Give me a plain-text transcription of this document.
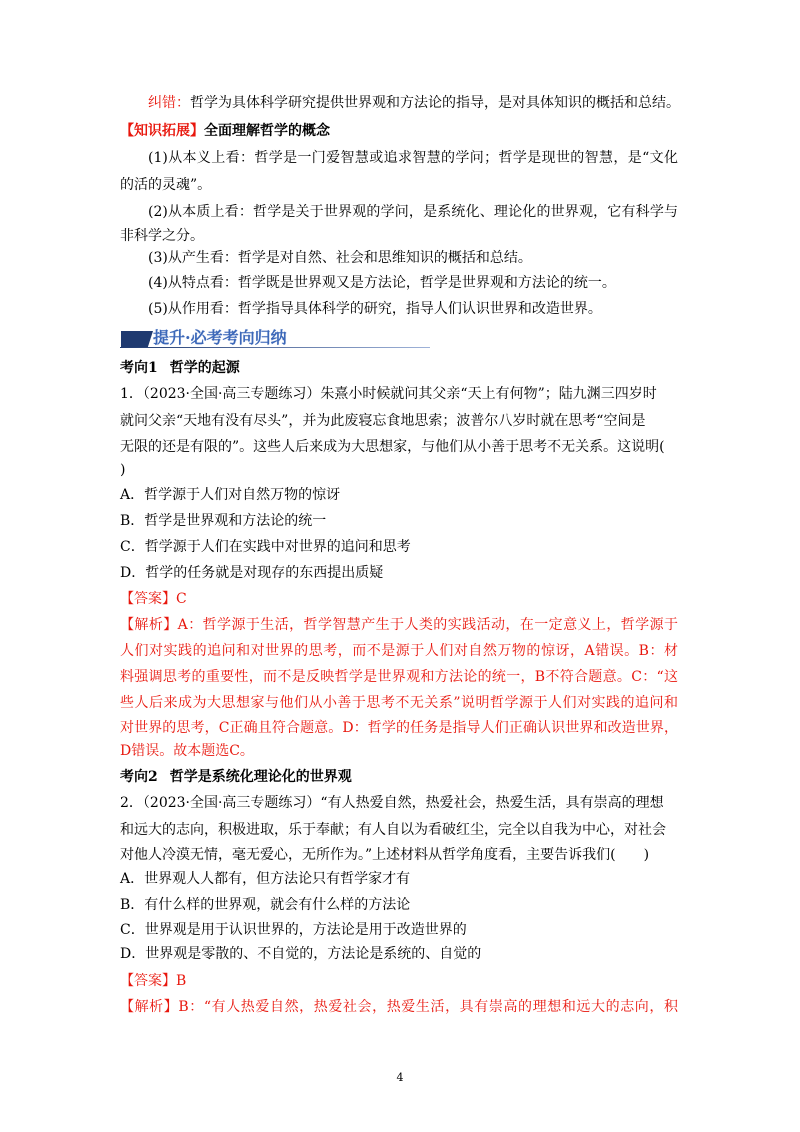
纠错：哲学为具体科学研究提供世界观和方法论的指导，是对具体知识的概括和总结。
【知识拓展】全面理解哲学的概念
(1)从本义上看：哲学是一门爱智慧或追求智慧的学问；哲学是现世的智慧，是“文化
的活的灵魂”。
(2)从本质上看：哲学是关于世界观的学问，是系统化、理论化的世界观，它有科学与
非科学之分。
(3)从产生看：哲学是对自然、社会和思维知识的概括和总结。
(4)从特点看：哲学既是世界观又是方法论，哲学是世界观和方法论的统一。
(5)从作用看：哲学指导具体科学的研究，指导人们认识世界和改造世界。
提升·必考考向归纳
考向1 哲学的起源
1．（2023·全国·高三专题练习）朱熹小时候就问其父亲“天上有何物”；陆九渊三四岁时
就问父亲“天地有没有尽头”，并为此废寝忘食地思索；波普尔八岁时就在思考“空间是
无限的还是有限的”。这些人后来成为大思想家，与他们从小善于思考不无关系。这说明(
)
A．哲学源于人们对自然万物的惊讶
B．哲学是世界观和方法论的统一
C．哲学源于人们在实践中对世界的追问和思考
D．哲学的任务就是对现存的东西提出质疑
【答案】C
【解析】A：哲学源于生活，哲学智慧产生于人类的实践活动，在一定意义上，哲学源于
人们对实践的追问和对世界的思考，而不是源于人们对自然万物的惊讶，A错误。B：材
料强调思考的重要性，而不是反映哲学是世界观和方法论的统一，B不符合题意。C：“这
些人后来成为大思想家与他们从小善于思考不无关系”说明哲学源于人们对实践的追问和
对世界的思考，C正确且符合题意。D：哲学的任务是指导人们正确认识世界和改造世界，
D错误。故本题选C。
考向2 哲学是系统化理论化的世界观
2．（2023·全国·高三专题练习）“有人热爱自然，热爱社会，热爱生活，具有崇高的理想
和远大的志向，积极进取，乐于奉献；有人自以为看破红尘，完全以自我为中心，对社会
对他人冷漠无情，毫无爱心，无所作为。”上述材料从哲学角度看，主要告诉我们(　　)
A．世界观人人都有，但方法论只有哲学家才有
B．有什么样的世界观，就会有什么样的方法论
C．世界观是用于认识世界的，方法论是用于改造世界的
D．世界观是零散的、不自觉的，方法论是系统的、自觉的
【答案】B
【解析】B：“有人热爱自然，热爱社会，热爱生活，具有崇高的理想和远大的志向，积
4
